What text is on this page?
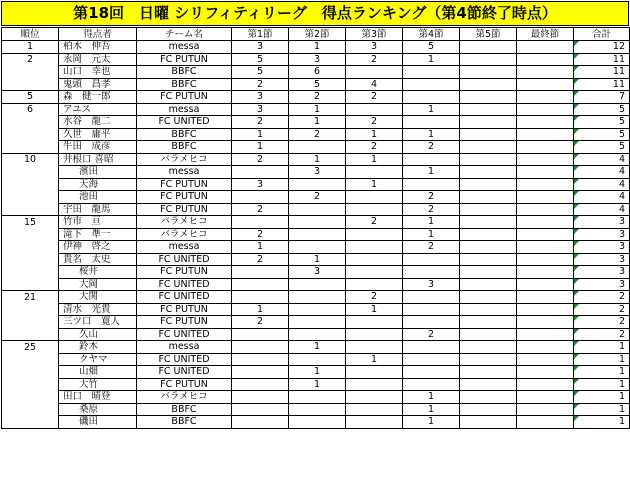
第18回　日曜 シリフィティリーグ　得点ランキング（第4節終了時点）
順位	得点者	チーム名	第1節	第2節	第3節	第4節	第5節	最終節	合計
1	柏木　伸吾	messa	3	1	3	5			12
2	永岡　元太	FC PUTUN	5	3	2	1			11
	山口　幸也	BBFC	5	6					11
	鬼頭　昌孝	BBFC	2	5	4				11
5	森　健一郎	FC PUTUN	3	2	2				7
6	アユス	messa	3	1		1			5
	水谷　龍二	FC UNITED	2	1	2				5
	久世　庸平	BBFC	1	2	1	1			5
	牛田　成彦	BBFC	1		2	2			5
10	井根口 喜昭	バラメヒコ	2	1	1				4
	濱田	messa		3		1			4
	天海	FC PUTUN	3		1				4
	池田	FC PUTUN		2		2			4
	宇田　龍馬	FC PUTUN	2			2			4
15	竹市　亘	バラメヒコ			2	1			3
	滝下　準一	バラメヒコ	2			1			3
	伊神　啓之	messa	1			2			3
	貴名　太史	FC UNITED	2	1					3
	桜井	FC PUTUN		3					3
	大岡	FC UNITED				3			3
21	大関	FC UNITED			2				2
	清水　光貴	FC PUTUN	1		1				2
	三ツ口　寛人	FC PUTUN	2						2
	久山	FC UNITED				2			2
25	鈴木	messa		1					1
	クヤマ	FC UNITED			1				1
	山畑	FC UNITED		1					1
	大竹	FC PUTUN		1					1
	田口　晴登	バラメヒコ				1			1
	桑原	BBFC				1			1
	磯田	BBFC				1			1
